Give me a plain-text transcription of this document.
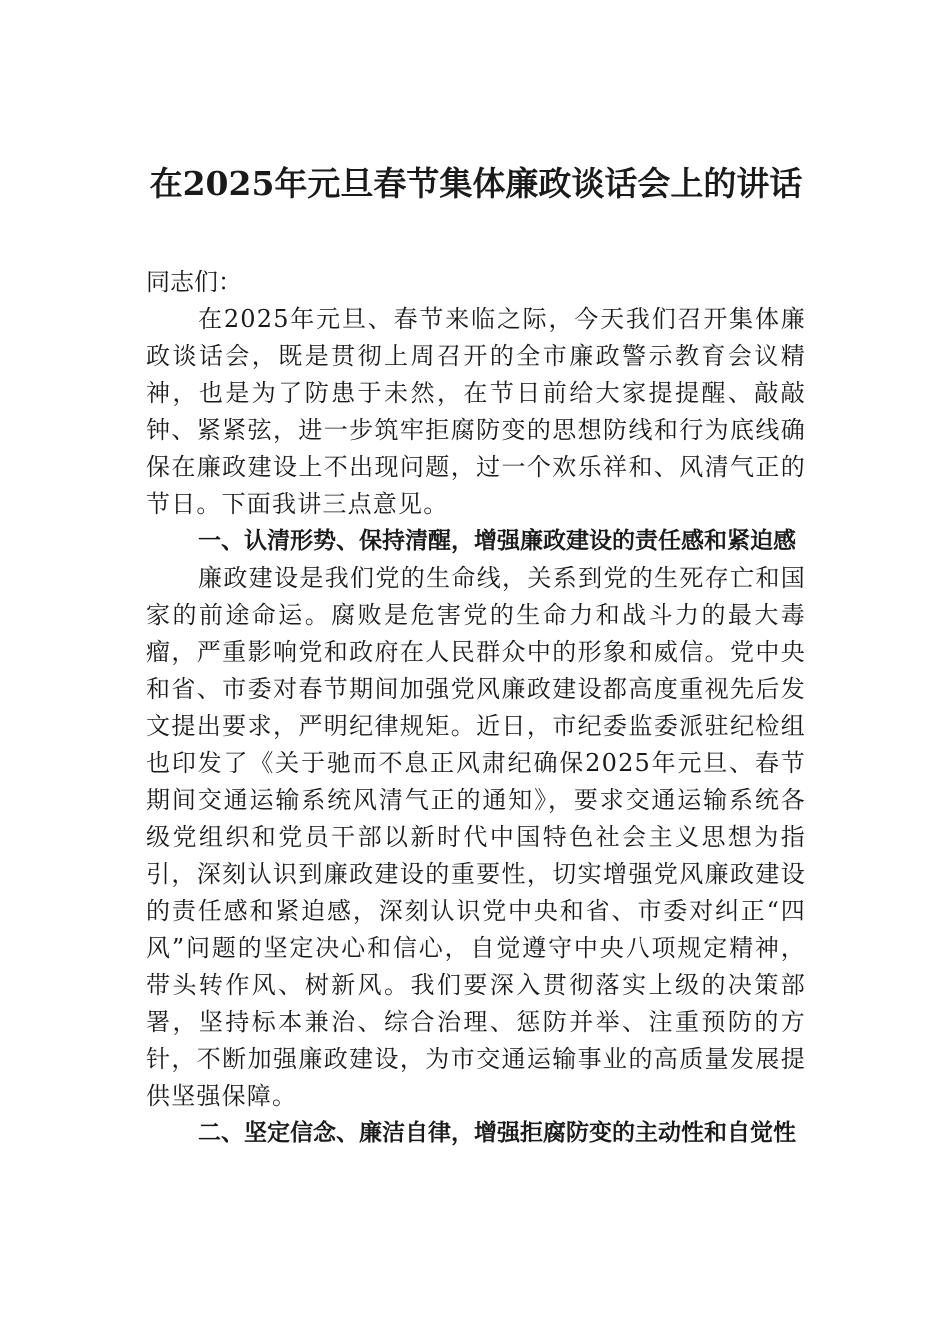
在2025年元旦春节集体廉政谈话会上的讲话
同志们：

在2025年元旦、春节来临之际，今天我们召开集体廉政谈话会，既是贯彻上周召开的全市廉政警示教育会议精神，也是为了防患于未然，在节日前给大家提提醒、敲敲钟、紧紧弦，进一步筑牢拒腐防变的思想防线和行为底线确保在廉政建设上不出现问题，过一个欢乐祥和、风清气正的节日。下面我讲三点意见。

一、认清形势、保持清醒，增强廉政建设的责任感和紧迫感

廉政建设是我们党的生命线，关系到党的生死存亡和国家的前途命运。腐败是危害党的生命力和战斗力的最大毒瘤，严重影响党和政府在人民群众中的形象和威信。党中央和省、市委对春节期间加强党风廉政建设都高度重视先后发文提出要求，严明纪律规矩。近日，市纪委监委派驻纪检组也印发了《关于驰而不息正风肃纪确保2025年元旦、春节期间交通运输系统风清气正的通知》，要求交通运输系统各级党组织和党员干部以新时代中国特色社会主义思想为指引，深刻认识到廉政建设的重要性，切实增强党风廉政建设的责任感和紧迫感，深刻认识党中央和省、市委对纠正“四风”问题的坚定决心和信心，自觉遵守中央八项规定精神，带头转作风、树新风。我们要深入贯彻落实上级的决策部署，坚持标本兼治、综合治理、惩防并举、注重预防的方针，不断加强廉政建设，为市交通运输事业的高质量发展提供坚强保障。

二、坚定信念、廉洁自律，增强拒腐防变的主动性和自觉性
